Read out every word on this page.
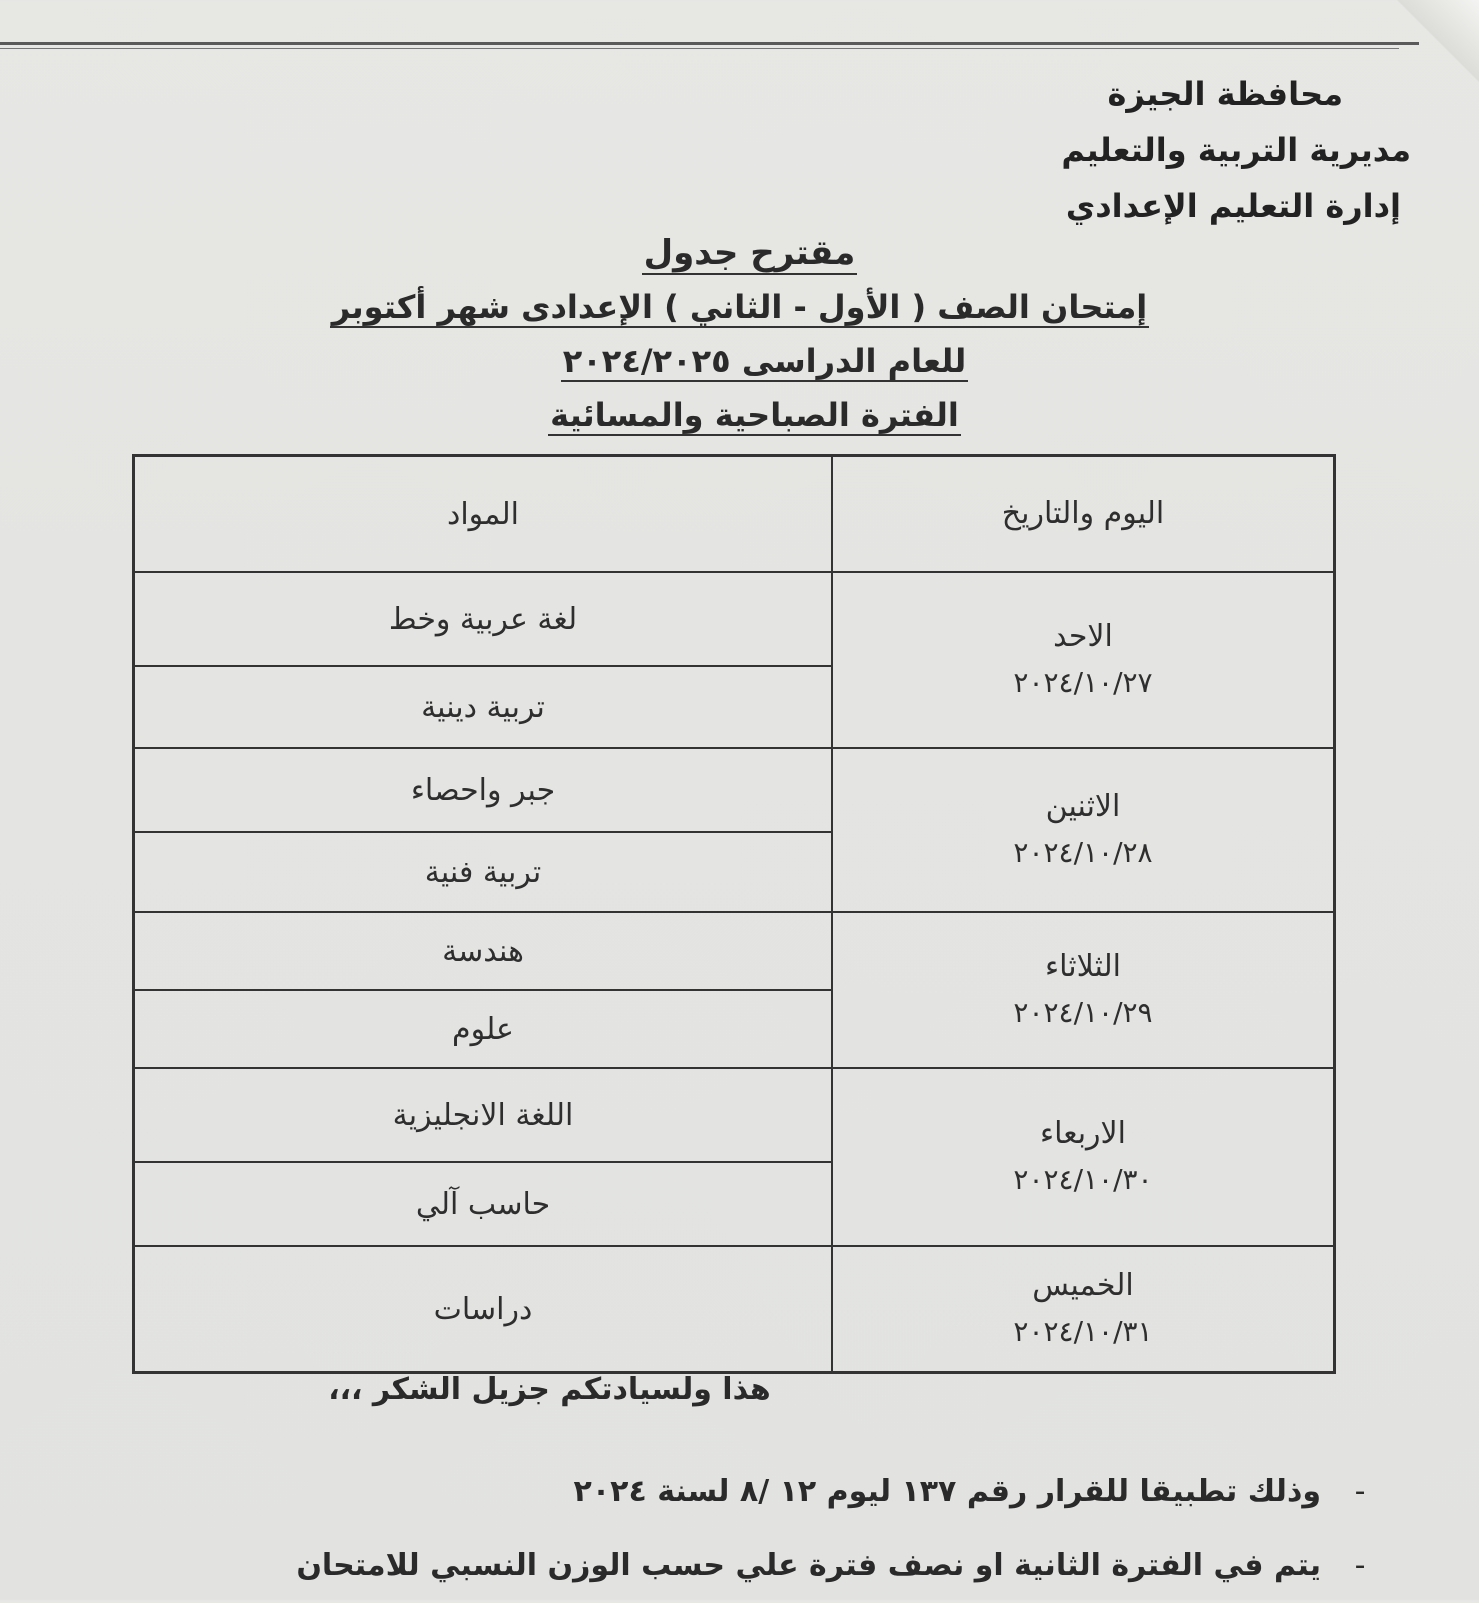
محافظة الجيزة
مديرية التربية والتعليم
إدارة التعليم الإعدادي
مقترح جدول
إمتحان الصف ( الأول - الثاني ) الإعدادى شهر أكتوبر
للعام الدراسى ٢٠٢٤/٢٠٢٥
الفترة الصباحية والمسائية
اليوم والتاريخ	المواد

الاحد
٢٠٢٤/١٠/٢٧	لغة عربية وخط
	تربية دينية

الاثنين
٢٠٢٤/١٠/٢٨	جبر واحصاء
	تربية فنية

الثلاثاء
٢٠٢٤/١٠/٢٩	هندسة
	علوم

الاربعاء
٢٠٢٤/١٠/٣٠	اللغة الانجليزية
	حاسب آلي

الخميس
٢٠٢٤/١٠/٣١	دراسات
هذا ولسيادتكم جزيل الشكر ،،،
-
وذلك تطبيقا للقرار رقم ١٣٧ ليوم ١٢ /٨ لسنة ٢٠٢٤
-
يتم في الفترة الثانية او نصف فترة علي حسب الوزن النسبي للامتحان
